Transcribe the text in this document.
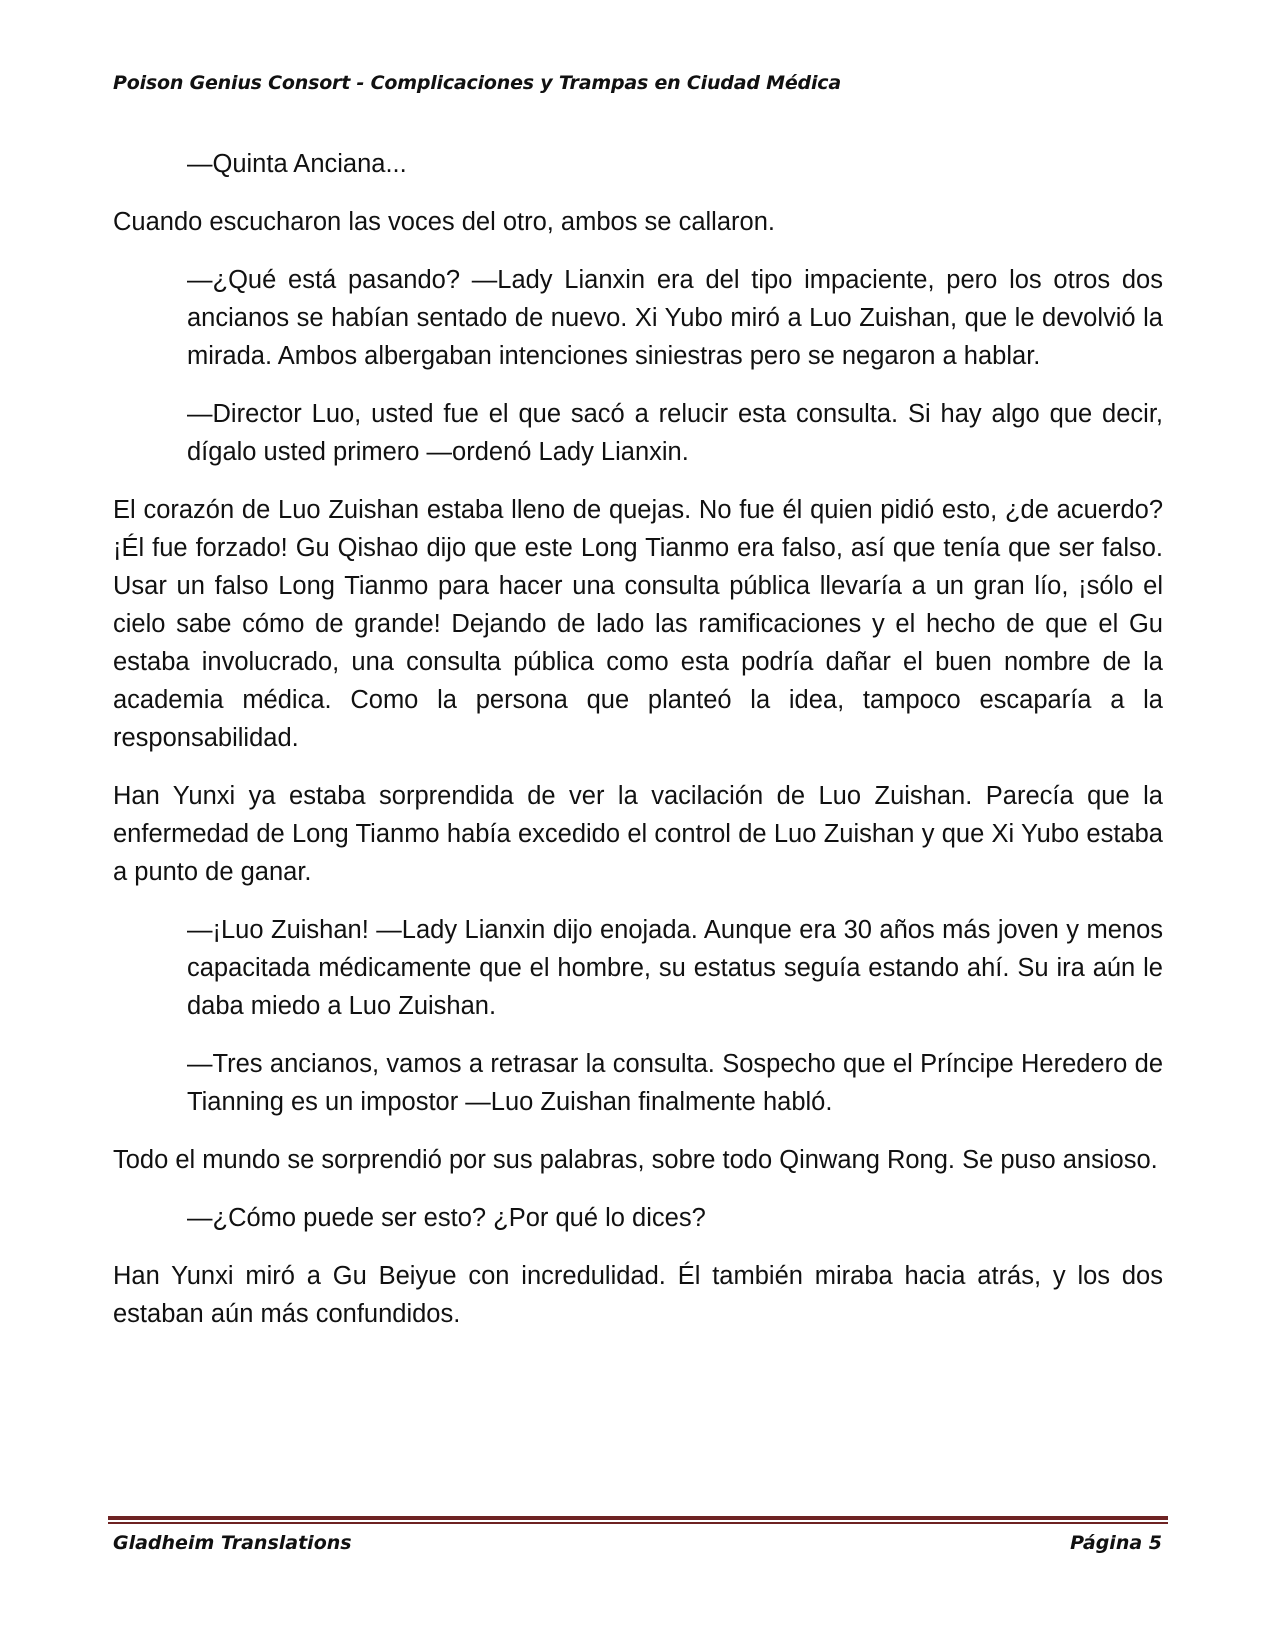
Poison Genius Consort - Complicaciones y Trampas en Ciudad Médica

—Quinta Anciana...

Cuando escucharon las voces del otro, ambos se callaron.

—¿Qué está pasando? —Lady Lianxin era del tipo impaciente, pero los otros dos ancianos se habían sentado de nuevo. Xi Yubo miró a Luo Zuishan, que le devolvió la mirada. Ambos albergaban intenciones siniestras pero se negaron a hablar.

—Director Luo, usted fue el que sacó a relucir esta consulta. Si hay algo que decir, dígalo usted primero —ordenó Lady Lianxin.

El corazón de Luo Zuishan estaba lleno de quejas. No fue él quien pidió esto, ¿de acuerdo? ¡Él fue forzado! Gu Qishao dijo que este Long Tianmo era falso, así que tenía que ser falso. Usar un falso Long Tianmo para hacer una consulta pública llevaría a un gran lío, ¡sólo el cielo sabe cómo de grande! Dejando de lado las ramificaciones y el hecho de que el Gu estaba involucrado, una consulta pública como esta podría dañar el buen nombre de la academia médica. Como la persona que planteó la idea, tampoco escaparía a la responsabilidad.

Han Yunxi ya estaba sorprendida de ver la vacilación de Luo Zuishan. Parecía que la enfermedad de Long Tianmo había excedido el control de Luo Zuishan y que Xi Yubo estaba a punto de ganar.

—¡Luo Zuishan! —Lady Lianxin dijo enojada. Aunque era 30 años más joven y menos capacitada médicamente que el hombre, su estatus seguía estando ahí. Su ira aún le daba miedo a Luo Zuishan.

—Tres ancianos, vamos a retrasar la consulta. Sospecho que el Príncipe Heredero de Tianning es un impostor —Luo Zuishan finalmente habló.

Todo el mundo se sorprendió por sus palabras, sobre todo Qinwang Rong. Se puso ansioso.

—¿Cómo puede ser esto? ¿Por qué lo dices?

Han Yunxi miró a Gu Beiyue con incredulidad. Él también miraba hacia atrás, y los dos estaban aún más confundidos.

Gladheim Translations	Página 5
